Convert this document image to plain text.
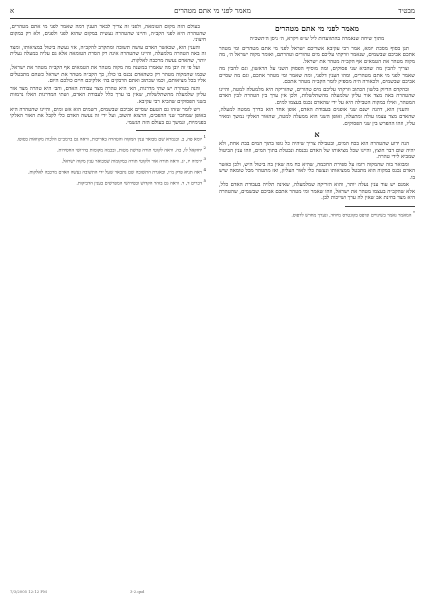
מבט׳ד
מאמר לפני מי אתם מטהרים
א
מאמר לפני מי אתם מטהרים
מתוך שיחה שנאמרה בהתוועדות ליל ש״פ ויקרא, ה׳ ניסן ה׳תשכ״ה

תנן בסוף מסכת יומא, אמר רבי עקיבא אשריכם ישראל לפני מי אתם מטהרים ומי מטהר אתכם אביכם שבשמים, שנאמר וזרקתי עליכם מים טהורים וטהרתם, ואומר מקוה ישראל ה׳, מה מקוה מטהר את הטמאים אף הקב״ה מטהר את ישראל.

וצריך להבין מה שהביא שני פסוקים, ומה מוסיף הפסוק השני על הראשון, וגם להבין מה שאמר לפני מי אתם מטהרים, ומהו הענין דלפני, ומה שאמר ומי מטהר אתכם, וגם מה שסיים אביכם שבשמים, ולכאורה היה מספיק לומר הקב״ה מטהר אתכם.

ובהקדם הדיוק בלשון הכתוב וזרקתי עליכם מים טהורים, שהזריקה היא מלמעלה למטה, והיינו שהטהרה באה מצד אור עליון שלמעלה מהשתלשלות, ולכן אין ערך בין הטהרה לבין האדם המטהר, ואילו במקוה הטבילה היא על ידי שהאדם נכנס בעצמו למים.

והענין הוא, דהנה ישנם שני אופנים בעבודת האדם, אופן אחד הוא בדרך ממטה למעלה, שהאדם מצד עצמו עולה ומתעלה, ואופן השני הוא ממעלה למטה, שהאור האלקי נמשך ומאיר עליו, וזהו ההפרש בין שני הפסוקים.

א

הנה ידוע שהטהרה הוא בכח המים, ובטבילה צריך שיהיה כל גופו בתוך המים בבת אחת, ולא יהיה שום דבר חוצץ, והיינו שכל מציאותו של האדם נכנסת ונבטלת בתוך המים, וזהו ענין הביטול שמביא לידי טהרה.

ומבואר בזה שהמקוה רומז על ספירת החכמה, שהיא כח מה שאין בה ביטול היש, ולכן כאשר האדם נכנס במקוה הוא מתבטל ממציאותו ונעשה כלי לאור העליון, ואז מתטהר מכל טומאה שיש בו.

אמנם יש עוד ענין נעלה יותר, והוא הזריקה שמלמעלה, שאינה תלויה בעבודת האדם כלל, אלא שהקב״ה בעצמו מטהר את ישראל, וזהו שאמר ומי מטהר אתכם אביכם שבשמים, שהטהרה היא מצד בחינת אב שאין לה ערך ושייכות לבן.

* המאמר נאמר בשינויים ונדפס בקונטרס מיוחד, ונערך מחדש לדפוס.

בעולם הזה מקום הטומאה, ולפני זה צריך לבאר הענין דמה שאמר לפני מי אתם מטהרים, שהטהרה היא לפני הקב״ה, והיינו שהטהרה נעשית במקום שהוא לפני ולפנים, ולא רק במקום חיצוני.

והענין הוא, שכאשר האדם עושה תשובה ומתקרב להקב״ה, אזי נעשה ביטול במציאותו, ומצד זה באה הטהרה מלמעלה, והיינו שהטהרה אינה רק הסרת הטומאה אלא גם עליה במעלה נעלית יותר, שהאדם נעשה מרכבה לאלקות.

ועל פי זה יובן מה שאמרו במשנה מה מקוה מטהר את הטמאים אף הקב״ה מטהר את ישראל, שכמו שהמקוה מטהר רק כשהאדם נכנס בו כולו, כך הקב״ה מטהר את ישראל כשהם מתבטלים אליו בכל מציאותם, וכמו שכתוב ואתם הדבקים בה׳ אלקיכם חיים כולכם היום.

והנה בטהרה יש שתי מדרגות, הא׳ היא טהרה מצד עבודת האדם, והב׳ היא טהרה מצד אור עליון שלמעלה מהשתלשלות, שאין בו ערך כלל לעבודת האדם, ושתי המדרגות האלו נרמזות בשני הפסוקים שהביא רבי עקיבא.

ויש לומר שזהו גם הטעם שסיים אביכם שבשמים, דשמים הוא אש ומים, והיינו שהטהרה היא באופן שמחבר שני ההפכים, הרצוא והשוב, ועל ידי זה נעשה האדם כלי לקבל את האור האלקי בפנימיות, ונמשך גם בעולם הזה הגשמי.

1 יומא פה, ב. ובגמרא שם מבואר ענין המקוה והטהרה באריכות, וראה גם ברמב״ם הלכות מקוואות בסופו.

2 יחזקאל לו, כה. וראה לקוטי תורה פרשת מטות, ובכמה מקומות בדרושי החסידות.

3 ירמיה יז, יג. וראה תורה אור ולקוטי תורה במקומות שמבואר ענין מקוה ישראל.

4 ראה תניא פרק מ״ו, ובאגרת התשובה שם נתבאר שעל ידי התשובה נעשה האדם מרכבה לאלקות.

5 דברים ד, ד. וראה גם בזהר הקדוש ובפירושי המפרשים בענין הדביקות.

7/3/2005 12:12 PM	3-2.qxd
